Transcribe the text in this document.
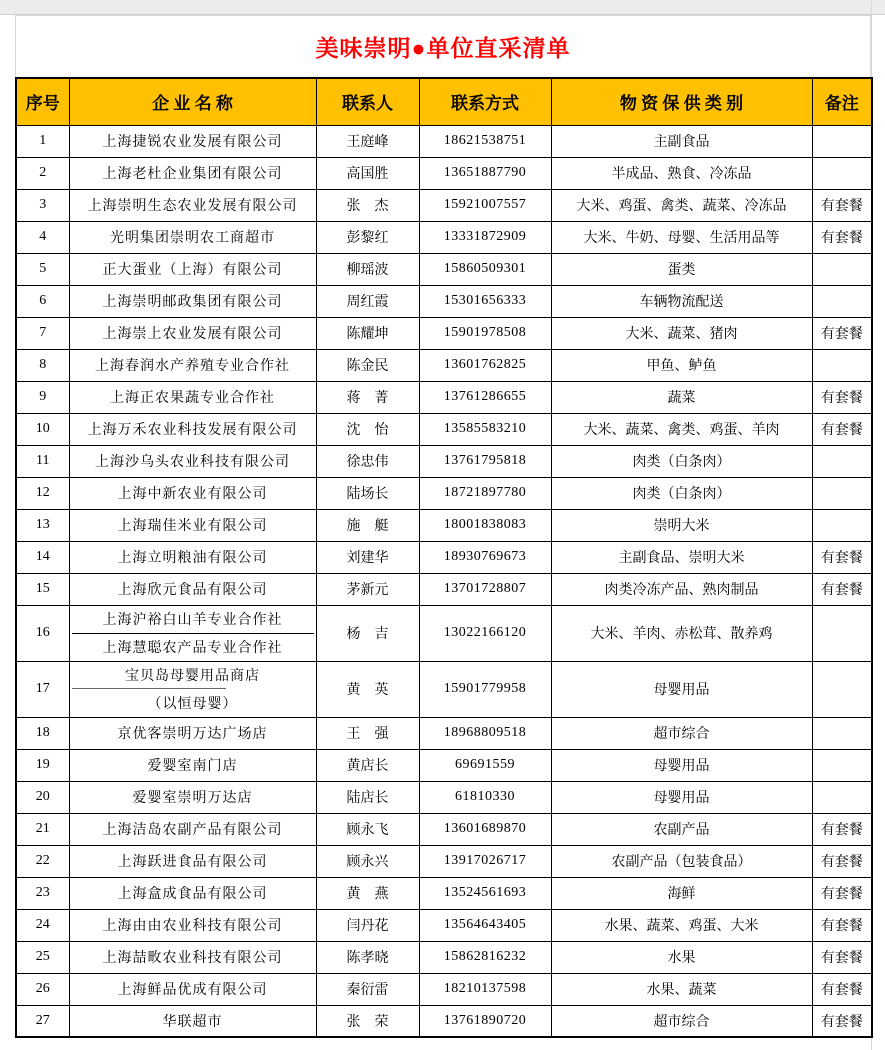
美味崇明●单位直采清单
序号	企 业 名 称	联系人	联系方式	物 资 保 供 类 别	备注
1	上海捷锐农业发展有限公司	王庭峰	18621538751	主副食品	
2	上海老杜企业集团有限公司	高国胜	13651887790	半成品、熟食、冷冻品	
3	上海崇明生态农业发展有限公司	张　杰	15921007557	大米、鸡蛋、禽类、蔬菜、冷冻品	有套餐
4	光明集团崇明农工商超市	彭黎红	13331872909	大米、牛奶、母婴、生活用品等	有套餐
5	正大蛋业（上海）有限公司	柳瑶波	15860509301	蛋类	
6	上海崇明邮政集团有限公司	周红霞	15301656333	车辆物流配送	
7	上海崇上农业发展有限公司	陈耀坤	15901978508	大米、蔬菜、猪肉	有套餐
8	上海春润水产养殖专业合作社	陈金民	13601762825	甲鱼、鲈鱼	
9	上海正农果蔬专业合作社	蒋　菁	13761286655	蔬菜	有套餐
10	上海万禾农业科技发展有限公司	沈　怡	13585583210	大米、蔬菜、禽类、鸡蛋、羊肉	有套餐
11	上海沙乌头农业科技有限公司	徐忠伟	13761795818	肉类（白条肉）	
12	上海中新农业有限公司	陆场长	18721897780	肉类（白条肉）	
13	上海瑞佳米业有限公司	施　艇	18001838083	崇明大米	
14	上海立明粮油有限公司	刘建华	18930769673	主副食品、崇明大米	有套餐
15	上海欣元食品有限公司	茅新元	13701728807	肉类冷冻产品、熟肉制品	有套餐
16	上海沪裕白山羊专业合作社
上海慧聪农产品专业合作社	杨　吉	13022166120	大米、羊肉、赤松茸、散养鸡	
17	宝贝岛母婴用品商店
（以恒母婴）	黄　英	15901779958	母婴用品	
18	京优客崇明万达广场店	王　强	18968809518	超市综合	
19	爱婴室南门店	黄店长	69691559	母婴用品	
20	爱婴室崇明万达店	陆店长	61810330	母婴用品	
21	上海洁岛农副产品有限公司	顾永飞	13601689870	农副产品	有套餐
22	上海跃进食品有限公司	顾永兴	13917026717	农副产品（包装食品）	有套餐
23	上海盒成食品有限公司	黄　燕	13524561693	海鲜	有套餐
24	上海由由农业科技有限公司	闫丹花	13564643405	水果、蔬菜、鸡蛋、大米	有套餐
25	上海喆畋农业科技有限公司	陈孝晓	15862816232	水果	有套餐
26	上海鲜品优成有限公司	秦衍雷	18210137598	水果、蔬菜	有套餐
27	华联超市	张　荣	13761890720	超市综合	有套餐
